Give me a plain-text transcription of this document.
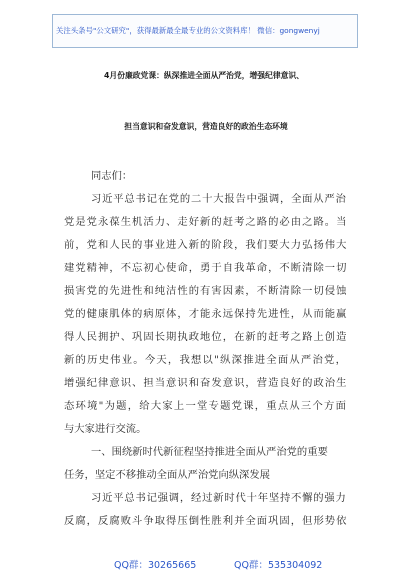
关注头条号"公文研究"，获得最新最全最专业的公文资料库！ 微信：gongwenyj
4月份廉政党课：纵深推进全面从严治党，增强纪律意识、
担当意识和奋发意识，营造良好的政治生态环境
同志们：
习近平总书记在党的二十大报告中强调，全面从严治
党是党永葆生机活力、走好新的赶考之路的必由之路。当
前，党和人民的事业进入新的阶段，我们要大力弘扬伟大
建党精神，不忘初心使命，勇于自我革命，不断清除一切
损害党的先进性和纯洁性的有害因素，不断清除一切侵蚀
党的健康肌体的病原体，才能永远保持先进性，从而能赢
得人民拥护、巩固长期执政地位，在新的赶考之路上创造
新的历史伟业。今天，我想以"纵深推进全面从严治党，
增强纪律意识、担当意识和奋发意识，营造良好的政治生
态环境"为题，给大家上一堂专题党课，重点从三个方面
与大家进行交流。
一、围绕新时代新征程坚持推进全面从严治党的重要
任务，坚定不移推动全面从严治党向纵深发展
习近平总书记强调，经过新时代十年坚持不懈的强力
反腐，反腐败斗争取得压倒性胜利并全面巩固，但形势依
QQ群：30265665	QQ群：535304092
